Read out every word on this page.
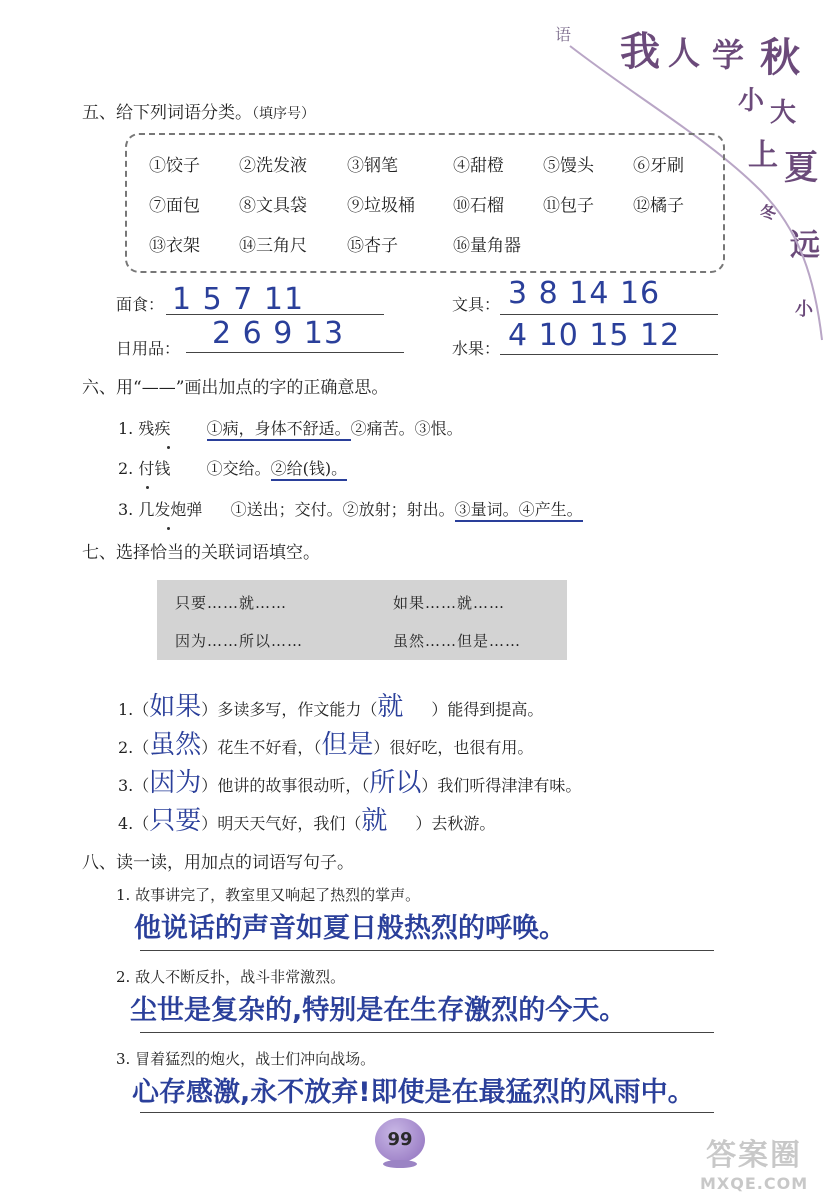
语 我 人 学 秋
小 大
上 夏
冬
远
小
五、给下列词语分类。（填序号）
①饺子 ②洗发液 ③钢笔	④甜橙 ⑤馒头 ⑥牙刷
⑦面包 ⑧文具袋 ⑨垃圾桶 ⑩石榴 ⑪包子 ⑫橘子
⑬衣架 ⑭三角尺 ⑮杏子	⑯量角器
面食： 1 5 7 11	文具： 3 8 14 16
日用品： 2 6 9 13	水果： 4 10 15 12
六、用“——”画出加点的字的正确意思。
1. 残疾 ①病，身体不舒适。②痛苦。③恨。
2. 付钱 ①交给。②给(钱)。
3. 几发炮弹 ①送出；交付。②放射；射出。③量词。④产生。
七、选择恰当的关联词语填空。
只要……就……	如果……就……
因为……所以……	虽然……但是……
1.（如果）多读多写，作文能力（就 ）能得到提高。
2.（虽然）花生不好看，（但是）很好吃，也很有用。
3.（因为）他讲的故事很动听，（所以）我们听得津津有味。
4.（只要）明天天气好，我们（就 ）去秋游。
八、读一读，用加点的词语写句子。
1. 故事讲完了，教室里又响起了热烈的掌声。
他说话的声音如夏日般热烈的呼唤。
2. 敌人不断反扑，战斗非常激烈。
尘世是复杂的,特别是在生存激烈的今天。
3. 冒着猛烈的炮火，战士们冲向战场。
心存感激,永不放弃!即使是在最猛烈的风雨中。
99	答案圈
MXQE.COM
